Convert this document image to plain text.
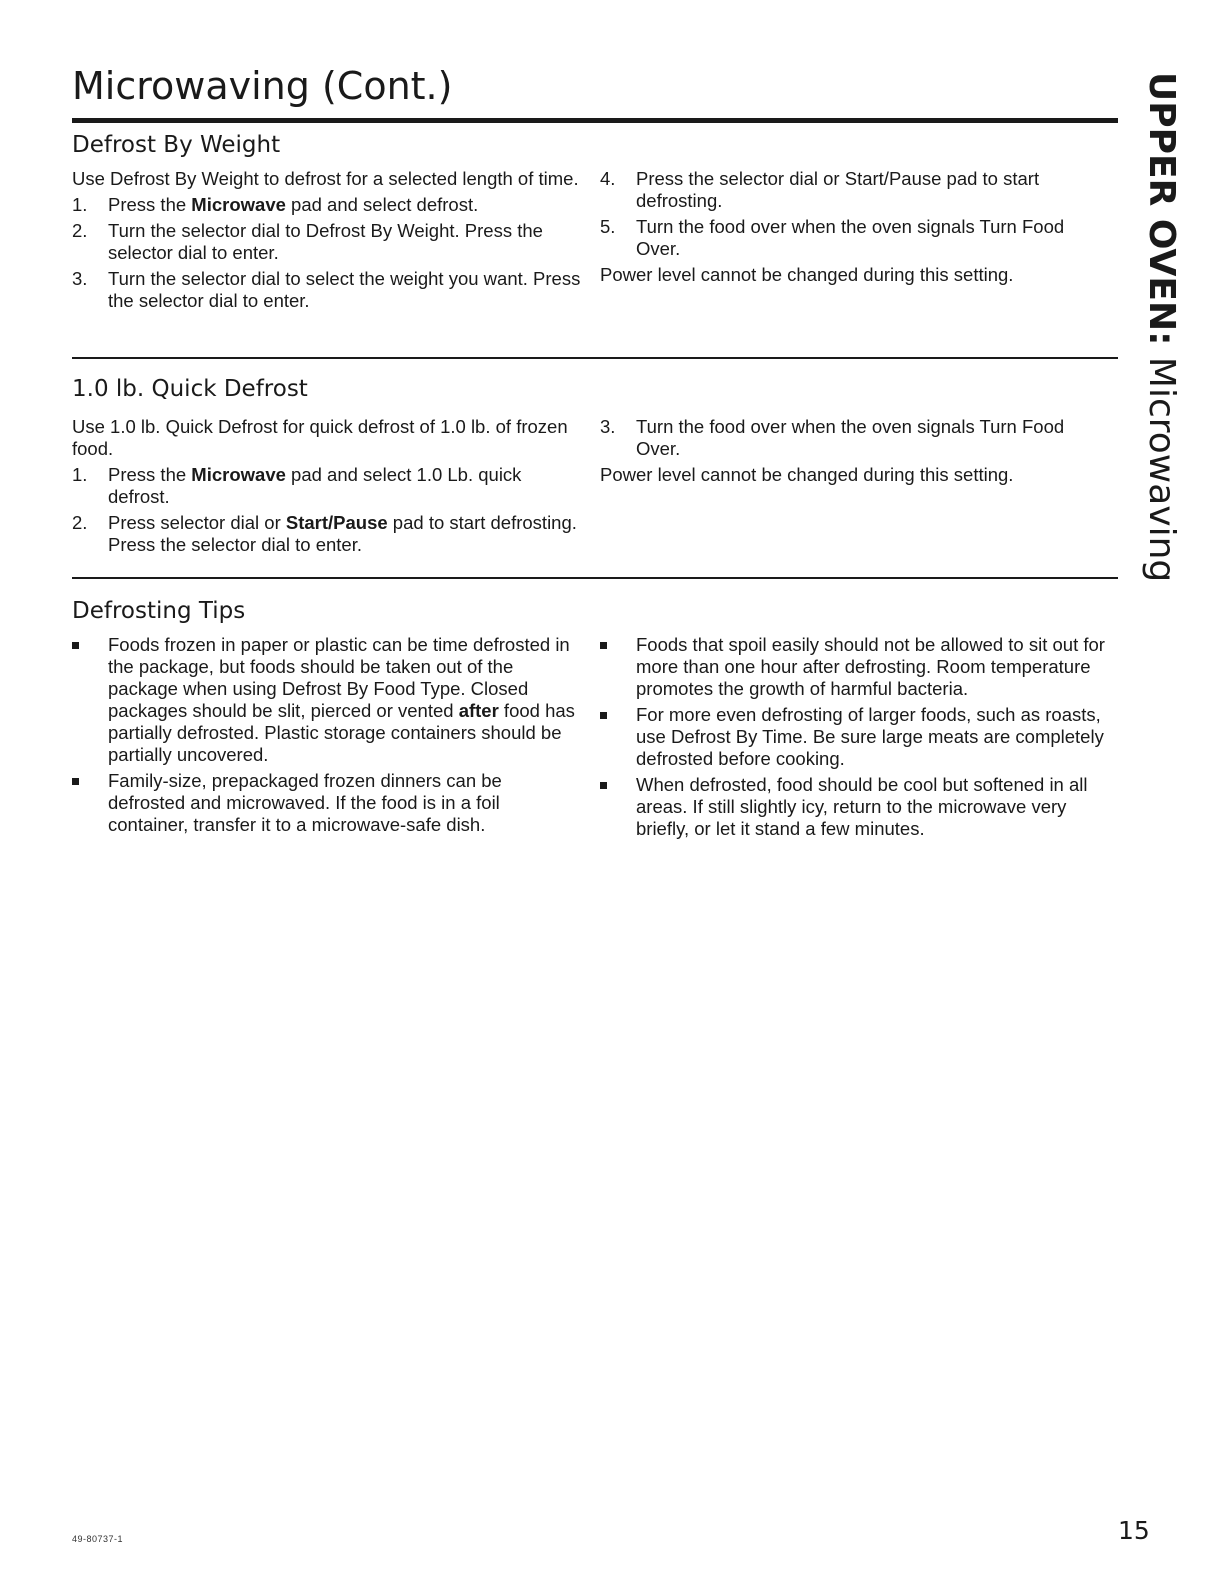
Microwaving (Cont.)	UPPER OVEN: Microwaving
Defrost By Weight

Use Defrost By Weight to defrost for a selected length of time.

1. Press the Microwave pad and select defrost.
2. Turn the selector dial to Defrost By Weight. Press the selector dial to enter.
3. Turn the selector dial to select the weight you want. Press the selector dial to enter.
4. Press the selector dial or Start/Pause pad to start defrosting.
5. Turn the food over when the oven signals Turn Food Over.

Power level cannot be changed during this setting.

1.0 lb. Quick Defrost

Use 1.0 lb. Quick Defrost for quick defrost of 1.0 lb. of frozen food.

1. Press the Microwave pad and select 1.0 Lb. quick defrost.
2. Press selector dial or Start/Pause pad to start defrosting. Press the selector dial to enter.
3. Turn the food over when the oven signals Turn Food Over.

Power level cannot be changed during this setting.

Defrosting Tips
Foods frozen in paper or plastic can be time defrosted in the package, but foods should be taken out of the package when using Defrost By Food Type. Closed packages should be slit, pierced or vented after food has partially defrosted. Plastic storage containers should be partially uncovered.
Family-size, prepackaged frozen dinners can be defrosted and microwaved. If the food is in a foil container, transfer it to a microwave-safe dish.
Foods that spoil easily should not be allowed to sit out for more than one hour after defrosting. Room temperature promotes the growth of harmful bacteria.
For more even defrosting of larger foods, such as roasts, use Defrost By Time. Be sure large meats are completely defrosted before cooking.
When defrosted, food should be cool but softened in all areas. If still slightly icy, return to the microwave very briefly, or let it stand a few minutes.
49-80737-1	15
